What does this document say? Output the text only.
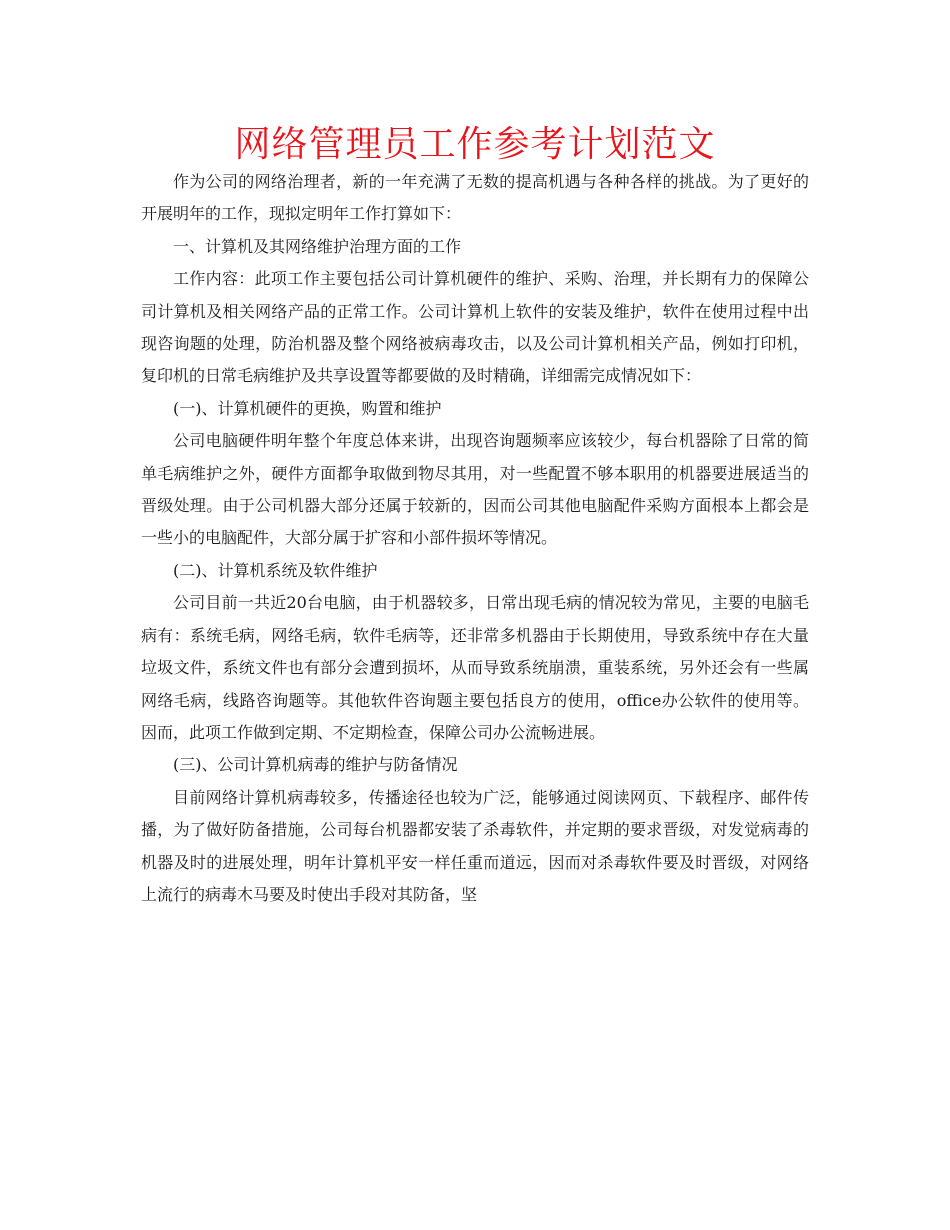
网络管理员工作参考计划范文

作为公司的网络治理者，新的一年充满了无数的提高机遇与各种各样的挑战。为了更好的开展明年的工作，现拟定明年工作打算如下：

一、计算机及其网络维护治理方面的工作

工作内容：此项工作主要包括公司计算机硬件的维护、采购、治理，并长期有力的保障公司计算机及相关网络产品的正常工作。公司计算机上软件的安装及维护，软件在使用过程中出现咨询题的处理，防治机器及整个网络被病毒攻击，以及公司计算机相关产品，例如打印机，复印机的日常毛病维护及共享设置等都要做的及时精确，详细需完成情况如下：

(一)、计算机硬件的更换，购置和维护

公司电脑硬件明年整个年度总体来讲，出现咨询题频率应该较少，每台机器除了日常的简单毛病维护之外，硬件方面都争取做到物尽其用，对一些配置不够本职用的机器要进展适当的晋级处理。由于公司机器大部分还属于较新的，因而公司其他电脑配件采购方面根本上都会是一些小的电脑配件，大部分属于扩容和小部件损坏等情况。

(二)、计算机系统及软件维护

公司目前一共近20台电脑，由于机器较多，日常出现毛病的情况较为常见，主要的电脑毛病有：系统毛病，网络毛病，软件毛病等，还非常多机器由于长期使用，导致系统中存在大量垃圾文件，系统文件也有部分会遭到损坏，从而导致系统崩溃，重装系统，另外还会有一些属网络毛病，线路咨询题等。其他软件咨询题主要包括良方的使用，office办公软件的使用等。因而，此项工作做到定期、不定期检查，保障公司办公流畅进展。

(三)、公司计算机病毒的维护与防备情况

目前网络计算机病毒较多，传播途径也较为广泛，能够通过阅读网页、下载程序、邮件传播，为了做好防备措施，公司每台机器都安装了杀毒软件，并定期的要求晋级，对发觉病毒的机器及时的进展处理，明年计算机平安一样任重而道远，因而对杀毒软件要及时晋级，对网络上流行的病毒木马要及时使出手段对其防备，坚
